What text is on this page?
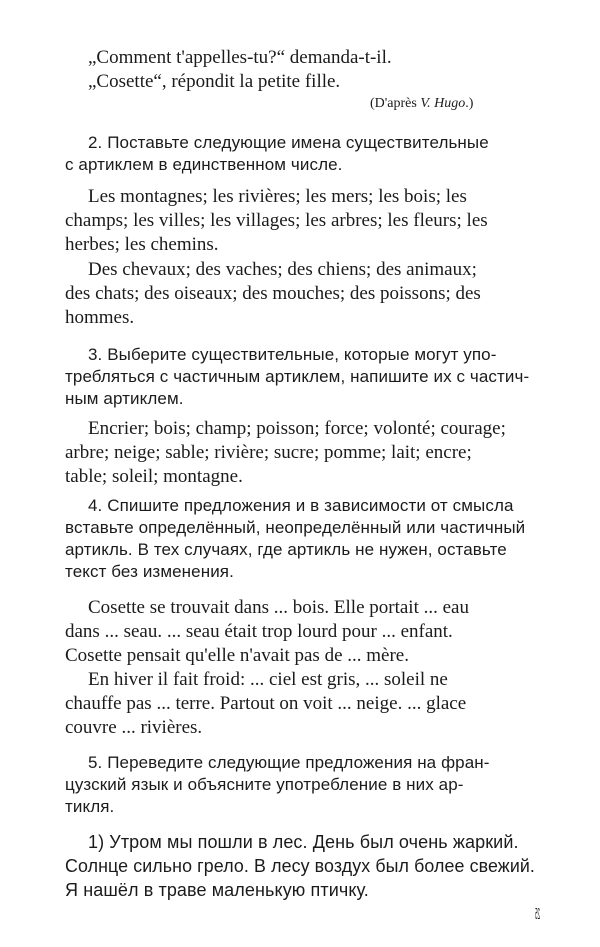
„Comment t'appelles-tu?“ demanda-t-il.
„Cosette“, répondit la petite fille.
(D'après V. Hugo.)
2. Поставьте следующие имена существительные
с артиклем в единственном числе.
Les montagnes; les rivières; les mers; les bois; les
champs; les villes; les villages; les arbres; les fleurs; les
herbes; les chemins.
Des chevaux; des vaches; des chiens; des animaux;
des chats; des oiseaux; des mouches; des poissons; des
hommes.
3. Выберите существительные, которые могут упо-
требляться с частичным артиклем, напишите их с частич-
ным артиклем.
Encrier; bois; champ; poisson; force; volonté; courage;
arbre; neige; sable; rivière; sucre; pomme; lait; encre;
table; soleil; montagne.
4. Спишите предложения и в зависимости от смысла
вставьте определённый, неопределённый или частичный
артикль. В тех случаях, где артикль не нужен, оставьте
текст без изменения.
Cosette se trouvait dans ... bois. Elle portait ... eau
dans ... seau. ... seau était trop lourd pour ... enfant.
Cosette pensait qu'elle n'avait pas de ... mère.
En hiver il fait froid: ... ciel est gris, ... soleil ne
chauffe pas ... terre. Partout on voit ... neige. ... glace
couvre ... rivières.
5. Переведите следующие предложения на фран-
цузский язык и объясните употребление в них ар-
тикля.
1) Утром мы пошли в лес. День был очень жаркий.
Солнце сильно грело. В лесу воздух был более свежий.
Я нашёл в траве маленькую птичку.
25
